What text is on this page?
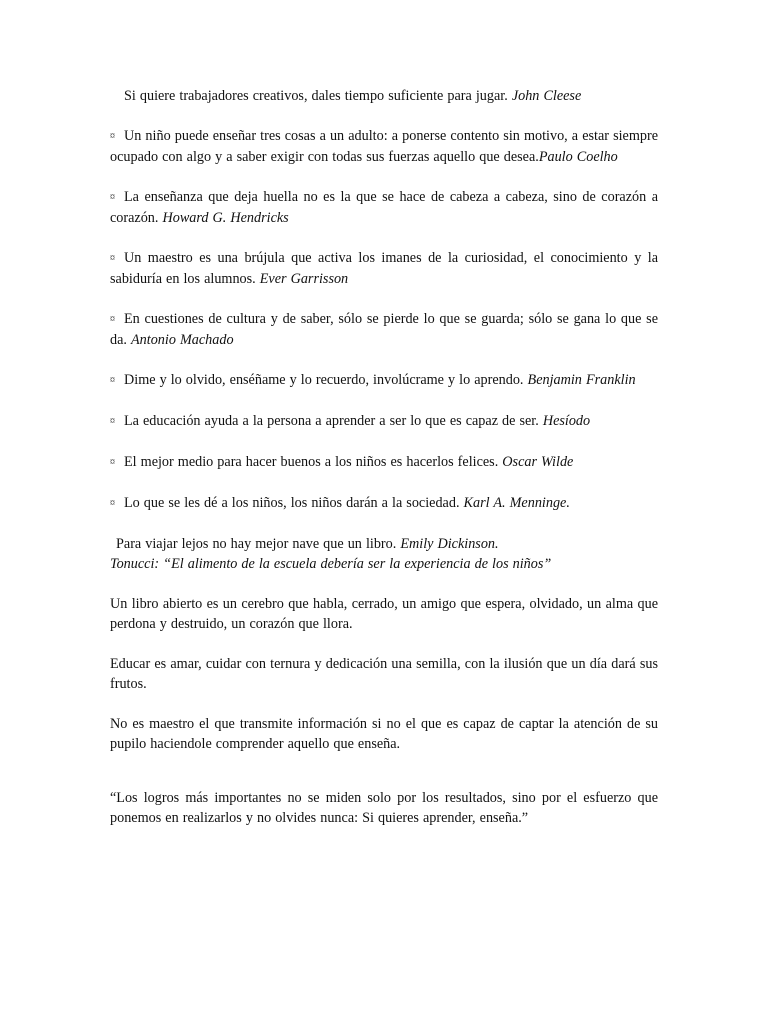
Si quiere trabajadores creativos, dales tiempo suficiente para jugar. John Cleese

¤ Un niño puede enseñar tres cosas a un adulto: a ponerse contento sin motivo, a estar siempre ocupado con algo y a saber exigir con todas sus fuerzas aquello que desea.Paulo Coelho

¤ La enseñanza que deja huella no es la que se hace de cabeza a cabeza, sino de corazón a corazón. Howard G. Hendricks

¤ Un maestro es una brújula que activa los imanes de la curiosidad, el conocimiento y la sabiduría en los alumnos. Ever Garrisson

¤ En cuestiones de cultura y de saber, sólo se pierde lo que se guarda; sólo se gana lo que se da. Antonio Machado

¤ Dime y lo olvido, enséñame y lo recuerdo, involúcrame y lo aprendo. Benjamin Franklin

¤ La educación ayuda a la persona a aprender a ser lo que es capaz de ser. Hesíodo

¤ El mejor medio para hacer buenos a los niños es hacerlos felices. Oscar Wilde

¤ Lo que se les dé a los niños, los niños darán a la sociedad. Karl A. Menninge.

Para viajar lejos no hay mejor nave que un libro. Emily Dickinson.

Tonucci: “El alimento de la escuela debería ser la experiencia de los niños”

Un libro abierto es un cerebro que habla, cerrado, un amigo que espera, olvidado, un alma que perdona y destruido, un corazón que llora.

Educar es amar, cuidar con ternura y dedicación una semilla, con la ilusión que un día dará sus frutos.

No es maestro el que transmite información si no el que es capaz de captar la atención de su pupilo haciendole comprender aquello que enseña.

“Los logros más importantes no se miden solo por los resultados, sino por el esfuerzo que ponemos en realizarlos y no olvides nunca: Si quieres aprender, enseña.”
